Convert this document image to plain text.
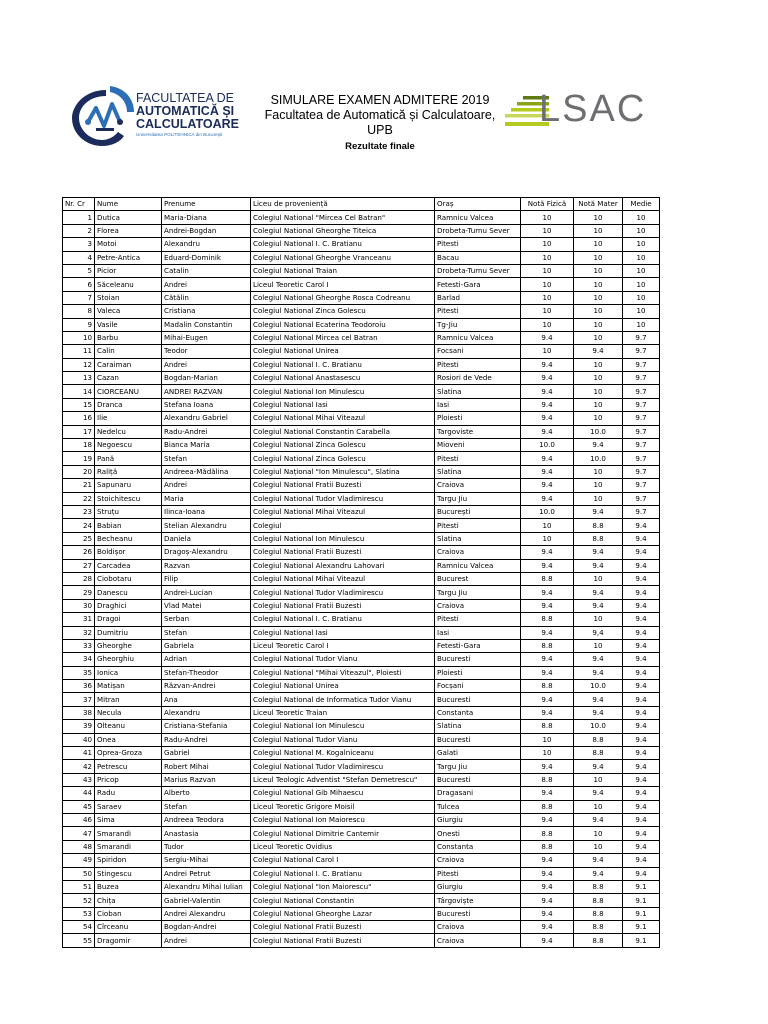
FACULTATEA DE
AUTOMATICĂ ȘI
CALCULATOARE
Universitatea POLITEHNICA din București
SIMULARE EXAMEN ADMITERE 2019
Facultatea de Automatică și Calculatoare,
UPB
Rezultate finale
LSAC
Nr. Cr	Nume	Prenume	Liceu de proveniență	Oraș	Notă Fizică	Notă Mater	Medie
1	Dutica	Maria-Diana	Colegiul National "Mircea Cel Batran"	Ramnicu Valcea	10	10	10
2	Florea	Andrei-Bogdan	Colegiul National Gheorghe Titeica	Drobeta-Turnu Sever	10	10	10
3	Motoi	Alexandru	Colegiul National I. C. Bratianu	Pitesti	10	10	10
4	Petre-Antica	Eduard-Dominik	Colegiul National Gheorghe Vranceanu	Bacau	10	10	10
5	Picior	Catalin	Colegiul National Traian	Drobeta-Turnu Sever	10	10	10
6	Săceleanu	Andrei	Liceul Teoretic Carol I	Fetesti-Gara	10	10	10
7	Stoian	Cătălin	Colegiul National Gheorghe Rosca Codreanu	Barlad	10	10	10
8	Valeca	Cristiana	Colegiul National Zinca Golescu	Pitesti	10	10	10
9	Vasile	Madalin Constantin	Colegiul National Ecaterina Teodoroiu	Tg-Jiu	10	10	10
10	Barbu	Mihai-Eugen	Colegiul National Mircea cel Batran	Ramnicu Valcea	9.4	10	9.7
11	Calin	Teodor	Colegiul National Unirea	Focsani	10	9.4	9.7
12	Caraiman	Andrei	Colegiul National I. C. Bratianu	Pitesti	9.4	10	9.7
13	Cazan	Bogdan-Marian	Colegiul National Anastasescu	Rosiori de Vede	9.4	10	9.7
14	CIORCEANU	ANDREI RAZVAN	Colegiul National Ion Minulescu	Slatina	9.4	10	9.7
15	Dranca	Stefana Ioana	Colegiul National Iasi	Iasi	9.4	10	9.7
16	Ilie	Alexandru Gabriel	Colegiul National Mihai Viteazul	Ploiesti	9.4	10	9.7
17	Nedelcu	Radu-Andrei	Colegiul National Constantin Carabella	Targoviste	9.4	10.0	9.7
18	Negoescu	Bianca Maria	Colegiul National Zinca Golescu	Mioveni	10.0	9.4	9.7
19	Pană	Stefan	Colegiul National Zinca Golescu	Pitesti	9.4	10.0	9.7
20	Raliță	Andreea-Mădălina	Colegiul Național "Ion Minulescu", Slatina	Slatina	9.4	10	9.7
21	Sapunaru	Andrei	Colegiul National Fratii Buzesti	Craiova	9.4	10	9.7
22	Stoichitescu	Maria	Colegiul National Tudor Vladimirescu	Targu Jiu	9.4	10	9.7
23	Struțu	Ilinca-Ioana	Colegiul National Mihai Viteazul	București	10.0	9.4	9.7
24	Babian	Stelian Alexandru	Colegiul	Pitesti	10	8.8	9.4
25	Becheanu	Daniela	Colegiul National Ion Minulescu	Slatina	10	8.8	9.4
26	Boldișor	Dragoș-Alexandru	Colegiul National Fratii Buzesti	Craiova	9.4	9.4	9.4
27	Carcadea	Razvan	Colegiul National Alexandru Lahovari	Ramnicu Valcea	9.4	9.4	9.4
28	Ciobotaru	Filip	Colegiul National Mihai Viteazul	Bucurest	8.8	10	9.4
29	Danescu	Andrei-Lucian	Colegiul National Tudor Vladimirescu	Targu Jiu	9.4	9.4	9.4
30	Draghici	Vlad Matei	Colegiul National Fratii Buzesti	Craiova	9.4	9.4	9.4
31	Dragoi	Serban	Colegiul National I. C. Bratianu	Pitesti	8.8	10	9.4
32	Dumitriu	Stefan	Colegiul National Iasi	Iasi	9.4	9,4	9.4
33	Gheorghe	Gabriela	Liceul Teoretic Carol I	Fetesti-Gara	8.8	10	9.4
34	Gheorghiu	Adrian	Colegiul National Tudor Vianu	Bucuresti	9.4	9.4	9.4
35	Ionica	Stefan-Theodor	Colegiul National "Mihai Viteazul", Ploiesti	Ploiesti	9.4	9.4	9.4
36	Matișan	Răzvan-Andrei	Colegiul National Unirea	Focșani	8.8	10.0	9.4
37	Mitran	Ana	Colegiul National de Informatica Tudor Vianu	Bucuresti	9.4	9.4	9.4
38	Necula	Alexandru	Liceul Teoretic Traian	Constanta	9.4	9.4	9.4
39	Olteanu	Cristiana-Stefania	Colegiul National Ion Minulescu	Slatina	8.8	10.0	9.4
40	Onea	Radu-Andrei	Colegiul National Tudor Vianu	Bucuresti	10	8.8	9.4
41	Oprea-Groza	Gabriel	Colegiul National M. Kogalniceanu	Galati	10	8.8	9.4
42	Petrescu	Robert Mihai	Colegiul National Tudor Vladimirescu	Targu Jiu	9.4	9.4	9.4
43	Pricop	Marius Razvan	Liceul Teologic Adventist "Stefan Demetrescu"	Bucuresti	8.8	10	9.4
44	Radu	Alberto	Colegiul National Gib Mihaescu	Dragasani	9.4	9.4	9.4
45	Saraev	Stefan	Liceul Teoretic Grigore Moisil	Tulcea	8.8	10	9.4
46	Sima	Andreea Teodora	Colegiul National Ion Maiorescu	Giurgiu	9.4	9.4	9.4
47	Smarandi	Anastasia	Colegiul National Dimitrie Cantemir	Onesti	8.8	10	9.4
48	Smarandi	Tudor	Liceul Teoretic Ovidius	Constanta	8.8	10	9.4
49	Spiridon	Sergiu-Mihai	Colegiul National Carol I	Craiova	9.4	9.4	9.4
50	Stingescu	Andrei Petrut	Colegiul National I. C. Bratianu	Pitesti	9.4	9.4	9.4
51	Buzea	Alexandru Mihai Iulian	Colegiul Național "Ion Maiorescu"	Giurgiu	9.4	8.8	9.1
52	Chița	Gabriel-Valentin	Colegiul National Constantin	Târgoviște	9.4	8.8	9.1
53	Cioban	Andrei Alexandru	Colegiul National Gheorghe Lazar	Bucuresti	9.4	8.8	9.1
54	Cîrceanu	Bogdan-Andrei	Colegiul National Fratii Buzesti	Craiova	9.4	8.8	9.1
55	Dragomir	Andrei	Colegiul National Fratii Buzesti	Craiova	9.4	8.8	9.1
